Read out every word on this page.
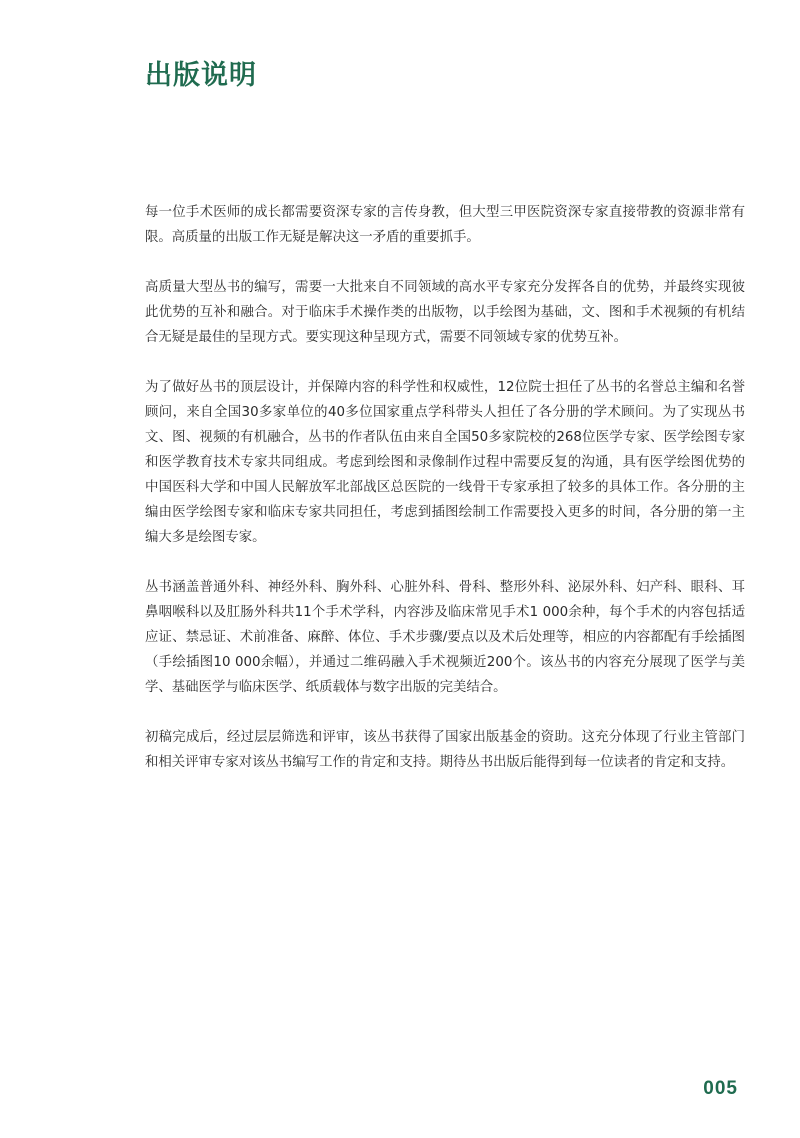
出版说明

每一位手术医师的成长都需要资深专家的言传身教，但大型三甲医院资深专家直接带教的资源非常有限。高质量的出版工作无疑是解决这一矛盾的重要抓手。

高质量大型丛书的编写，需要一大批来自不同领域的高水平专家充分发挥各自的优势，并最终实现彼此优势的互补和融合。对于临床手术操作类的出版物，以手绘图为基础，文、图和手术视频的有机结合无疑是最佳的呈现方式。要实现这种呈现方式，需要不同领域专家的优势互补。

为了做好丛书的顶层设计，并保障内容的科学性和权威性，12位院士担任了丛书的名誉总主编和名誉顾问，来自全国30多家单位的40多位国家重点学科带头人担任了各分册的学术顾问。为了实现丛书文、图、视频的有机融合，丛书的作者队伍由来自全国50多家院校的268位医学专家、医学绘图专家和医学教育技术专家共同组成。考虑到绘图和录像制作过程中需要反复的沟通，具有医学绘图优势的中国医科大学和中国人民解放军北部战区总医院的一线骨干专家承担了较多的具体工作。各分册的主编由医学绘图专家和临床专家共同担任，考虑到插图绘制工作需要投入更多的时间，各分册的第一主编大多是绘图专家。

丛书涵盖普通外科、神经外科、胸外科、心脏外科、骨科、整形外科、泌尿外科、妇产科、眼科、耳鼻咽喉科以及肛肠外科共11个手术学科，内容涉及临床常见手术1 000余种，每个手术的内容包括适应证、禁忌证、术前准备、麻醉、体位、手术步骤/要点以及术后处理等，相应的内容都配有手绘插图（手绘插图10 000余幅），并通过二维码融入手术视频近200个。该丛书的内容充分展现了医学与美学、基础医学与临床医学、纸质载体与数字出版的完美结合。

初稿完成后，经过层层筛选和评审，该丛书获得了国家出版基金的资助。这充分体现了行业主管部门和相关评审专家对该丛书编写工作的肯定和支持。期待丛书出版后能得到每一位读者的肯定和支持。

005
